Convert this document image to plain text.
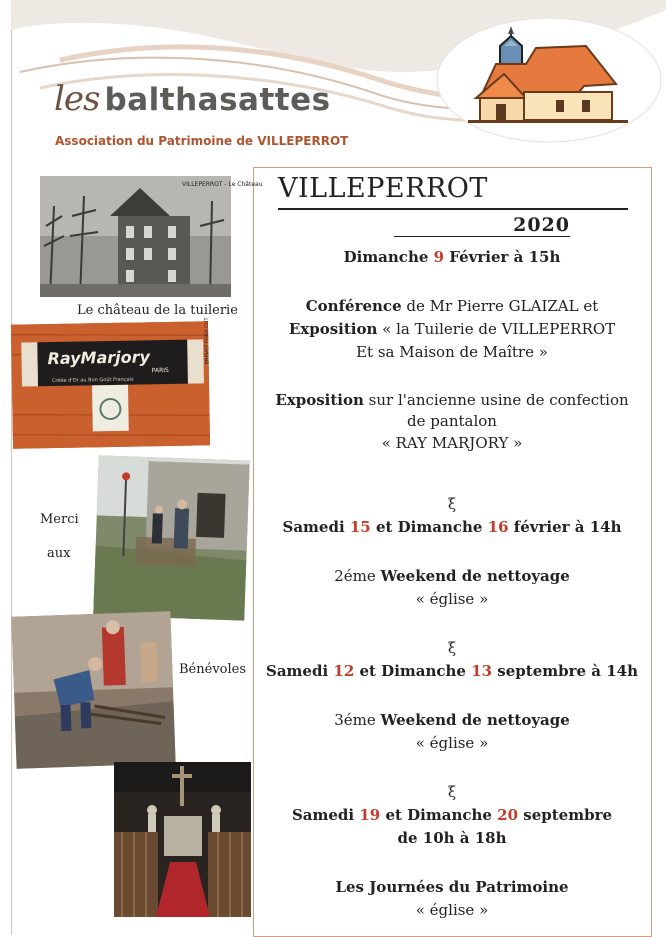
les balthasattes
Association du Patrimoine de VILLEPERROT
VILLEPERROT
2020

Dimanche 9 Février à 15h

Conférence de Mr Pierre GLAIZAL et

Exposition « la Tuilerie de VILLEPERROT

Et sa Maison de Maître »

Exposition sur l'ancienne usine de confection de pantalon

« RAY MARJORY »

ξ

Samedi 15 et Dimanche 16 février à 14h

2éme Weekend de nettoyage

« église »

ξ

Samedi 12 et Dimanche 13 septembre à 14h

3éme Weekend de nettoyage

« église »

ξ

Samedi 19 et Dimanche 20 septembre

de 10h à 18h

Les Journées du Patrimoine

« église »

VILLEPERROT - Le Château
Le château de la tuilerie
RayMarjory
PARIS
Créée d'Or au Bon Goût Français
BREVET FORX CUT
Merci
aux
Bénévoles
